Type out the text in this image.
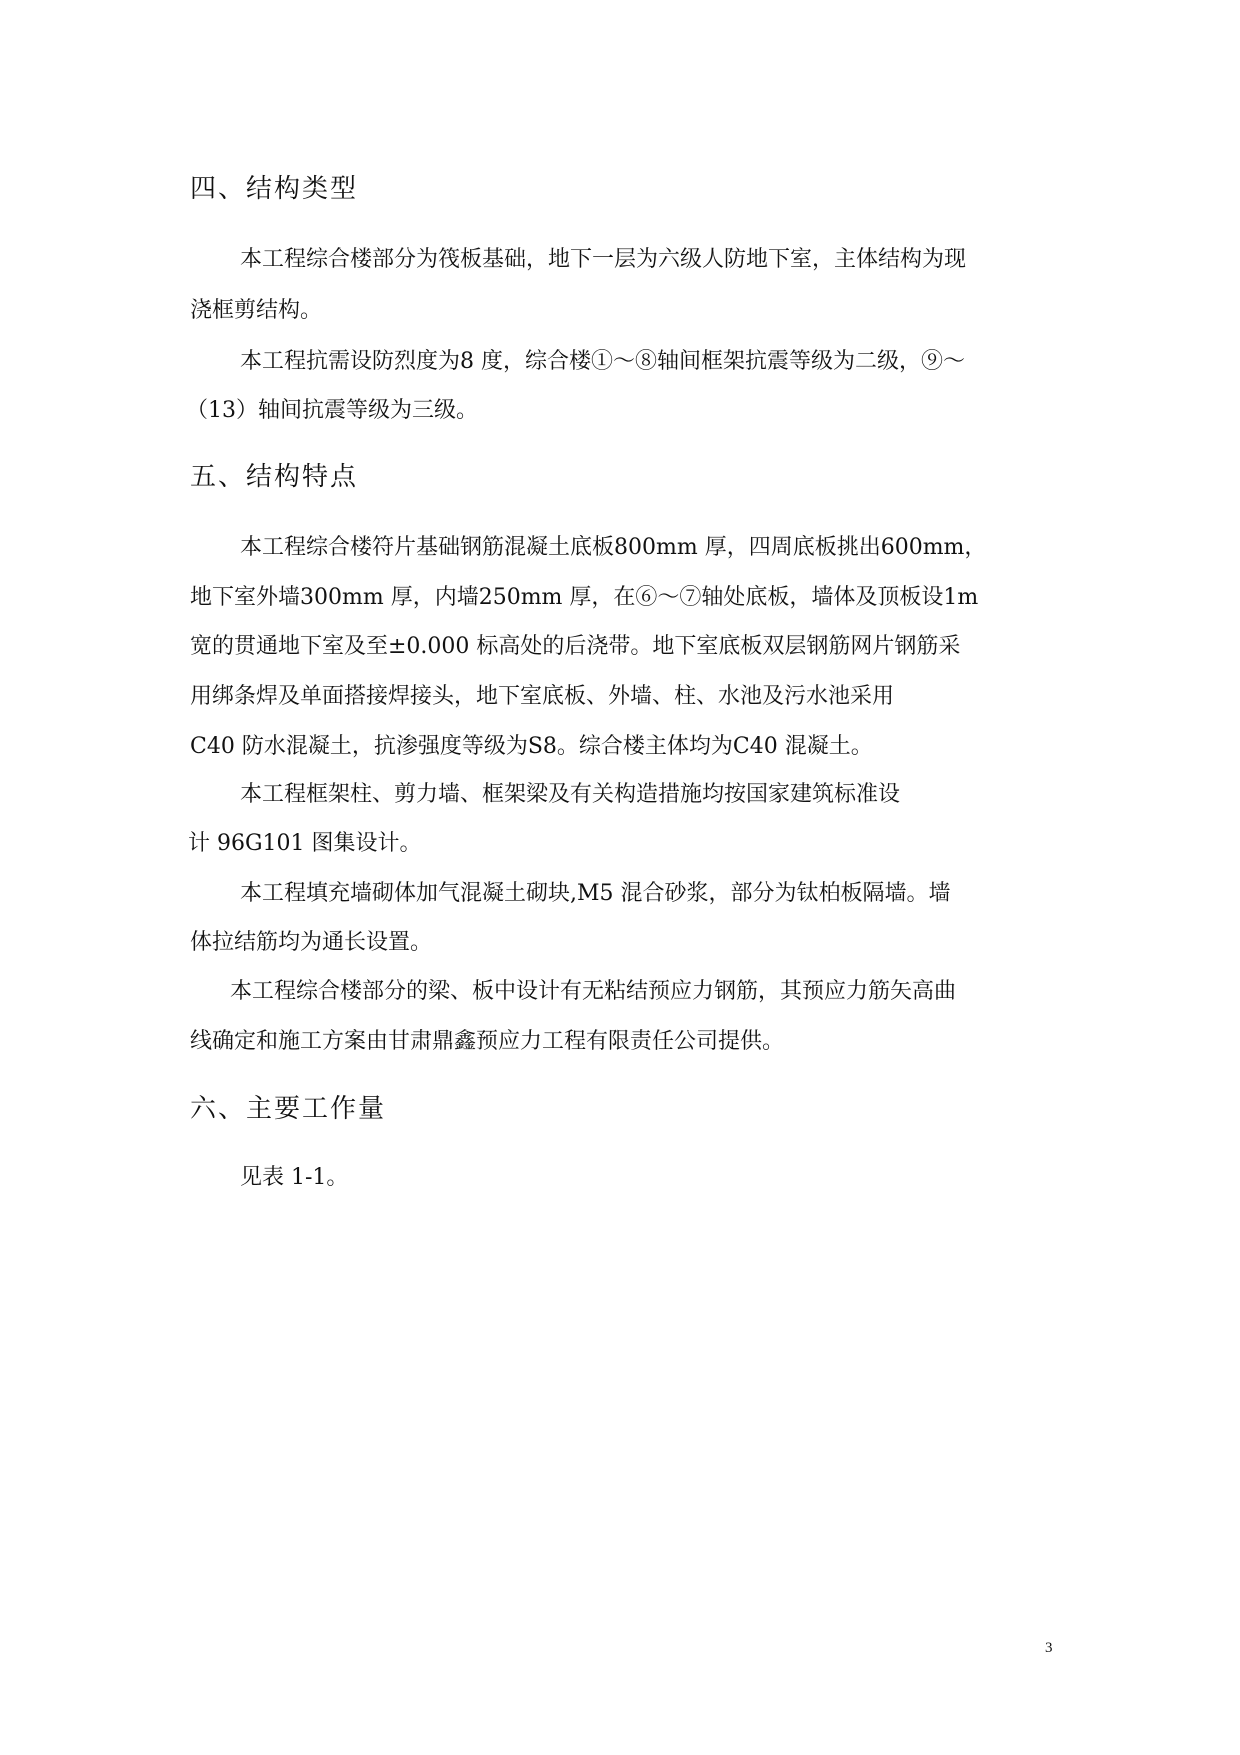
四、结构类型

本工程综合楼部分为筏板基础，地下一层为六级人防地下室，主体结构为现

浇框剪结构。

本工程抗需设防烈度为8 度，综合楼①～⑧轴间框架抗震等级为二级，⑨～

（13）轴间抗震等级为三级。

五、结构特点

本工程综合楼符片基础钢筋混凝土底板800mm 厚，四周底板挑出600mm，

地下室外墙300mm 厚，内墙250mm 厚，在⑥～⑦轴处底板，墙体及顶板设1m

宽的贯通地下室及至±0.000 标高处的后浇带。地下室底板双层钢筋网片钢筋采

用绑条焊及单面搭接焊接头，地下室底板、外墙、柱、水池及污水池采用

C40 防水混凝土，抗渗强度等级为S8。综合楼主体均为C40 混凝土。

本工程框架柱、剪力墙、框架梁及有关构造措施均按国家建筑标准设

计 96G101 图集设计。

本工程填充墙砌体加气混凝土砌块,M5 混合砂浆，部分为钛柏板隔墙。墙

体拉结筋均为通长设置。

本工程综合楼部分的梁、板中设计有无粘结预应力钢筋，其预应力筋矢高曲

线确定和施工方案由甘肃鼎鑫预应力工程有限责任公司提供。

六、主要工作量

见表 1-1。

3
